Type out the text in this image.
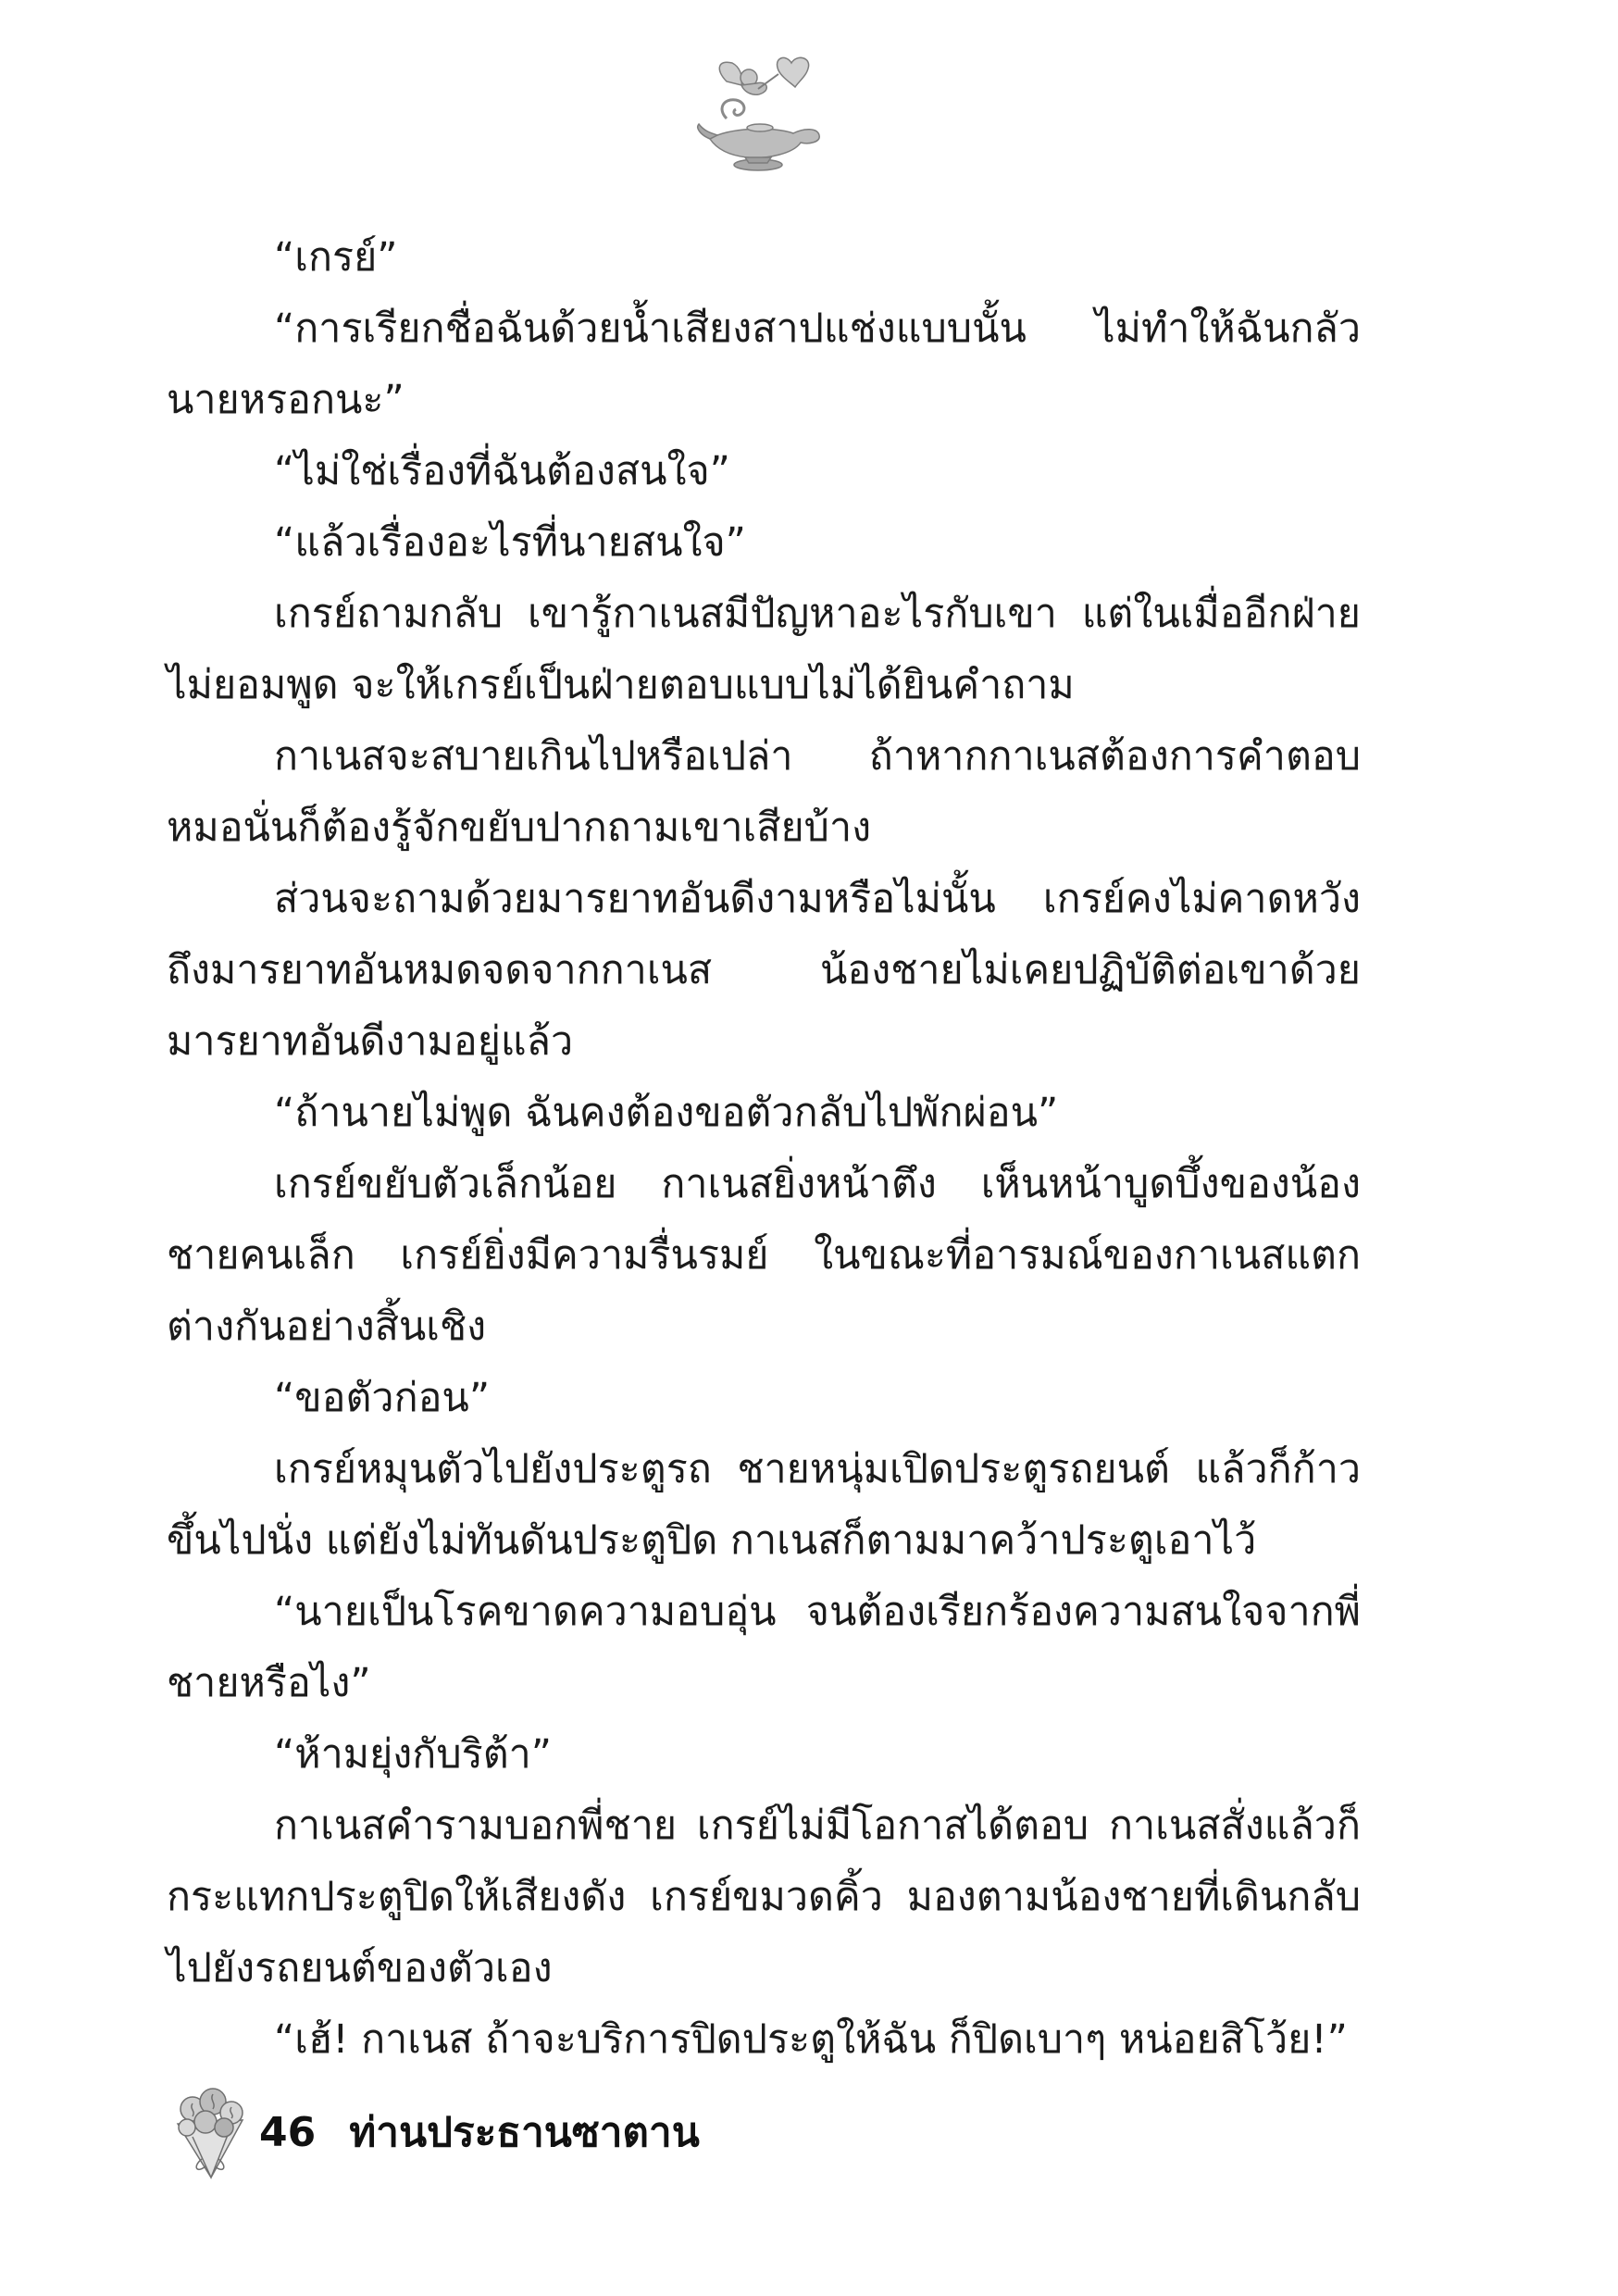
“เกรย์”

“การเรียกชื่อฉันด้วยน้ำเสียงสาปแช่งแบบนั้น ไม่ทำให้ฉันกลัวนายหรอกนะ”

“ไม่ใช่เรื่องที่ฉันต้องสนใจ”

“แล้วเรื่องอะไรที่นายสนใจ”

เกรย์ถามกลับ เขารู้กาเนสมีปัญหาอะไรกับเขา แต่ในเมื่ออีกฝ่ายไม่ยอมพูด จะให้เกรย์เป็นฝ่ายตอบแบบไม่ได้ยินคำถาม

กาเนสจะสบายเกินไปหรือเปล่า ถ้าหากกาเนสต้องการคำตอบหมอนั่นก็ต้องรู้จักขยับปากถามเขาเสียบ้าง

ส่วนจะถามด้วยมารยาทอันดีงามหรือไม่นั้น เกรย์คงไม่คาดหวังถึงมารยาทอันหมดจดจากกาเนส น้องชายไม่เคยปฏิบัติต่อเขาด้วยมารยาทอันดีงามอยู่แล้ว

“ถ้านายไม่พูด ฉันคงต้องขอตัวกลับไปพักผ่อน”

เกรย์ขยับตัวเล็กน้อย กาเนสยิ่งหน้าตึง เห็นหน้าบูดบึ้งของน้องชายคนเล็ก เกรย์ยิ่งมีความรื่นรมย์ ในขณะที่อารมณ์ของกาเนสแตกต่างกันอย่างสิ้นเชิง

“ขอตัวก่อน”

เกรย์หมุนตัวไปยังประตูรถ ชายหนุ่มเปิดประตูรถยนต์ แล้วก็ก้าวขึ้นไปนั่ง แต่ยังไม่ทันดันประตูปิด กาเนสก็ตามมาคว้าประตูเอาไว้

“นายเป็นโรคขาดความอบอุ่น จนต้องเรียกร้องความสนใจจากพี่ชายหรือไง”

“ห้ามยุ่งกับริต้า”

กาเนสคำรามบอกพี่ชาย เกรย์ไม่มีโอกาสได้ตอบ กาเนสสั่งแล้วก็กระแทกประตูปิดให้เสียงดัง เกรย์ขมวดคิ้ว มองตามน้องชายที่เดินกลับไปยังรถยนต์ของตัวเอง

“เฮ้! กาเนส ถ้าจะบริการปิดประตูให้ฉัน ก็ปิดเบาๆ หน่อยสิโว้ย!”

46 ท่านประธานซาตาน
